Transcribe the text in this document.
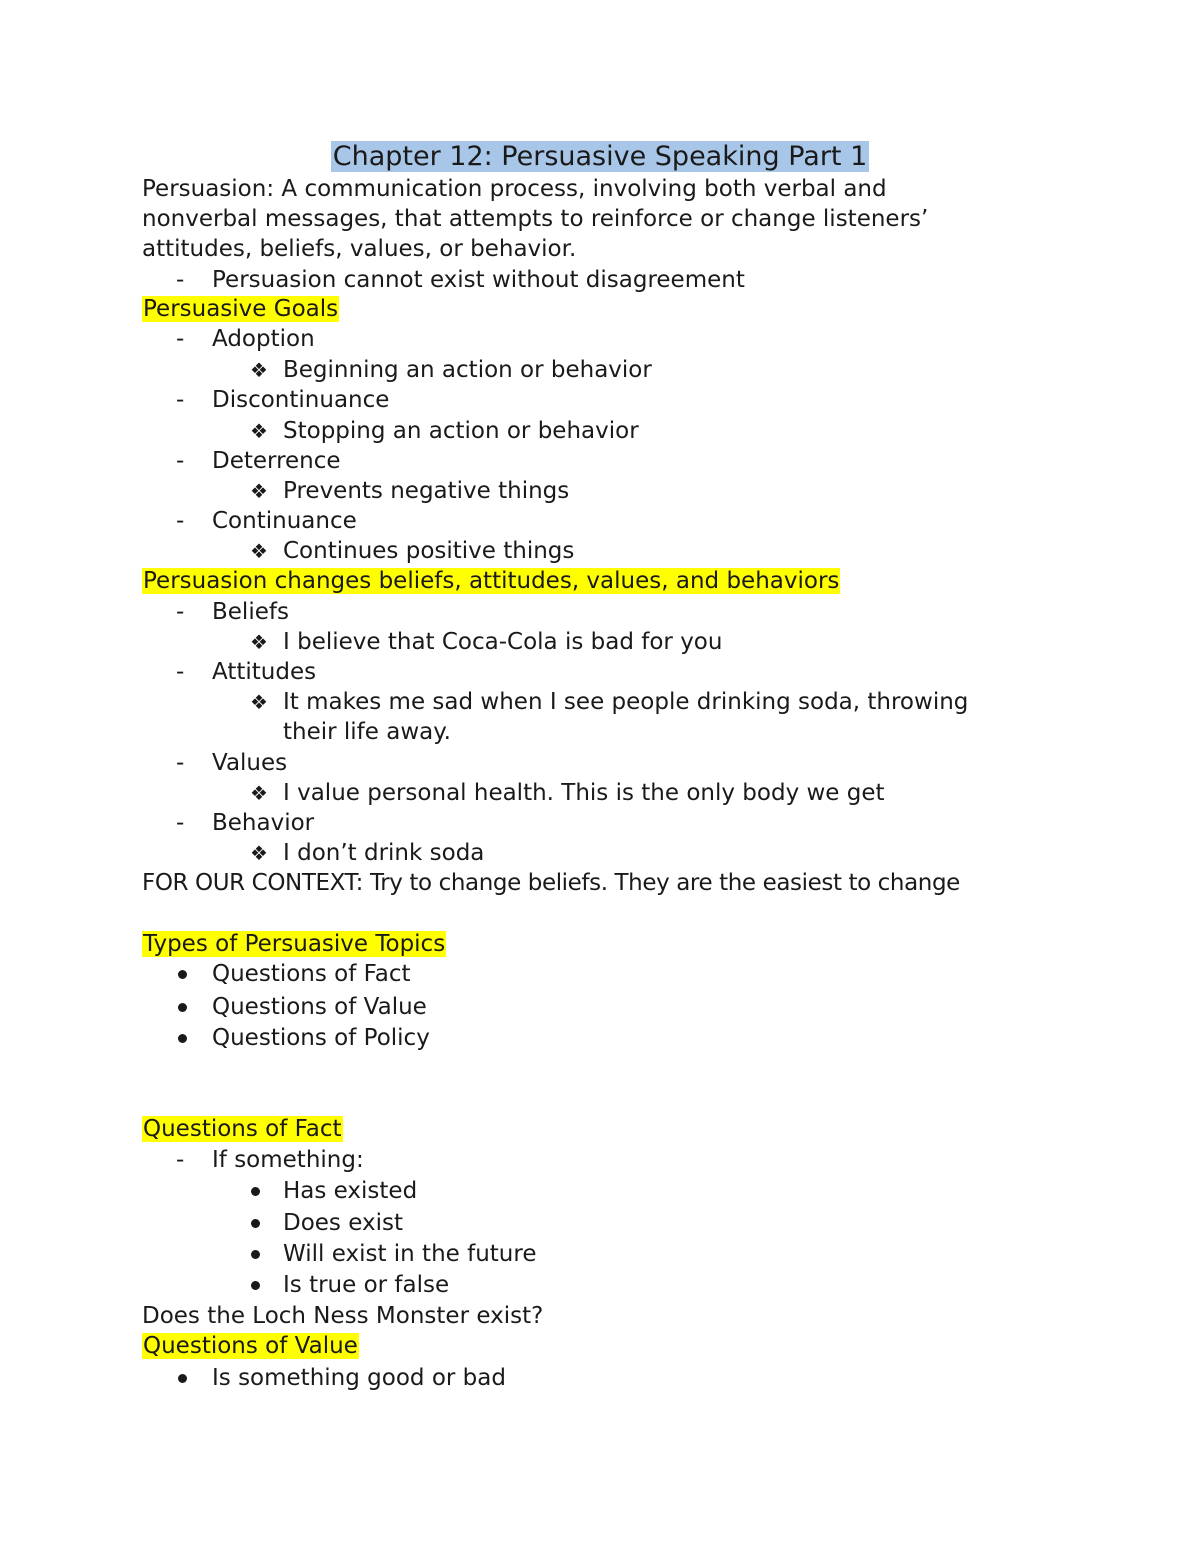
Chapter 12: Persuasive Speaking Part 1
Persuasion: A communication process, involving both verbal and
nonverbal messages, that attempts to reinforce or change listeners’
attitudes, beliefs, values, or behavior.
- Persuasion cannot exist without disagreement
Persuasive Goals
- Adoption
❖ Beginning an action or behavior
- Discontinuance
❖ Stopping an action or behavior
- Deterrence
❖ Prevents negative things
- Continuance
❖ Continues positive things
Persuasion changes beliefs, attitudes, values, and behaviors
- Beliefs
❖ I believe that Coca-Cola is bad for you
- Attitudes
❖ It makes me sad when I see people drinking soda, throwing
their life away.
- Values
❖ I value personal health. This is the only body we get
- Behavior
❖ I don’t drink soda
FOR OUR CONTEXT: Try to change beliefs. They are the easiest to change
Types of Persuasive Topics
Questions of Fact
Questions of Value
Questions of Policy
Questions of Fact
- If something:
Has existed
Does exist
Will exist in the future
Is true or false
Does the Loch Ness Monster exist?
Questions of Value
Is something good or bad
